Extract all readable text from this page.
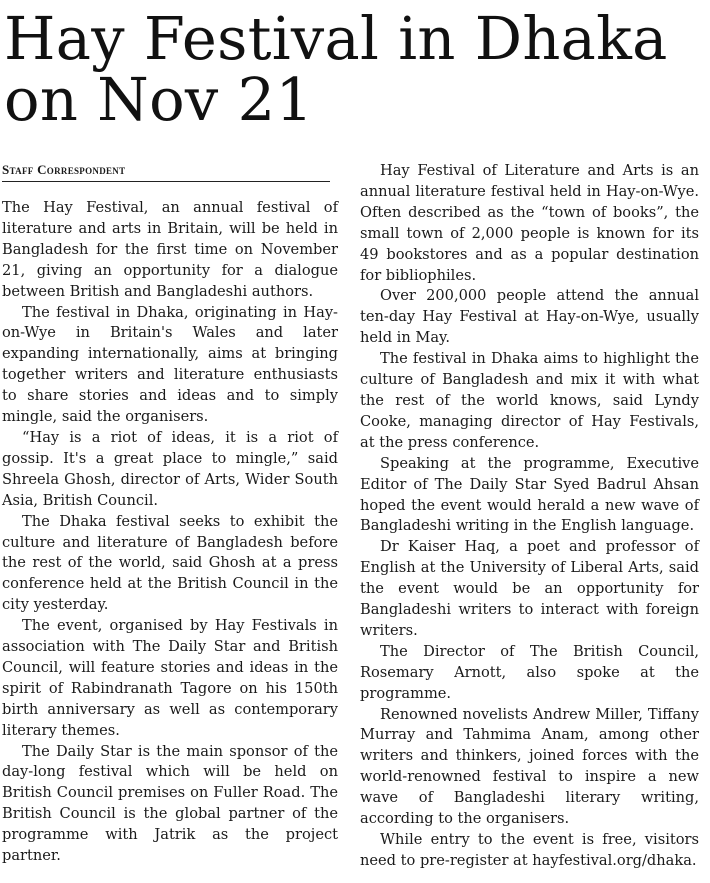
Hay Festival in Dhaka on Nov 21
Staff Correspondent

The Hay Festival, an annual festival of literature and arts in Britain, will be held in Bangladesh for the first time on November 21, giving an opportunity for a dialogue between British and Bangladeshi authors.

The festival in Dhaka, originating in Hay-on-Wye in Britain's Wales and later expanding internationally, aims at bringing together writers and literature enthusiasts to share stories and ideas and to simply mingle, said the organisers.

“Hay is a riot of ideas, it is a riot of gossip. It's a great place to mingle,” said Shreela Ghosh, director of Arts, Wider South Asia, British Council.

The Dhaka festival seeks to exhibit the culture and literature of Bangladesh before the rest of the world, said Ghosh at a press conference held at the British Council in the city yesterday.

The event, organised by Hay Festivals in association with The Daily Star and British Council, will feature stories and ideas in the spirit of Rabindranath Tagore on his 150th birth anniversary as well as contemporary literary themes.

The Daily Star is the main sponsor of the day-long festival which will be held on British Council premises on Fuller Road. The British Council is the global partner of the programme with Jatrik as the project partner.

Hay Festival of Literature and Arts is an annual literature festival held in Hay-on-Wye. Often described as the “town of books”, the small town of 2,000 people is known for its 49 bookstores and as a popular destination for bibliophiles.

Over 200,000 people attend the annual ten-day Hay Festival at Hay-on-Wye, usually held in May.

The festival in Dhaka aims to highlight the culture of Bangladesh and mix it with what the rest of the world knows, said Lyndy Cooke, managing director of Hay Festivals, at the press conference.

Speaking at the programme, Executive Editor of The Daily Star Syed Badrul Ahsan hoped the event would herald a new wave of Bangladeshi writing in the English language.

Dr Kaiser Haq, a poet and professor of English at the University of Liberal Arts, said the event would be an opportunity for Bangladeshi writers to interact with foreign writers.

The Director of The British Council, Rosemary Arnott, also spoke at the programme.

Renowned novelists Andrew Miller, Tiffany Murray and Tahmima Anam, among other writers and thinkers, joined forces with the world-renowned festival to inspire a new wave of Bangladeshi literary writing, according to the organisers.

While entry to the event is free, visitors need to pre-register at hayfestival.org/dhaka.
